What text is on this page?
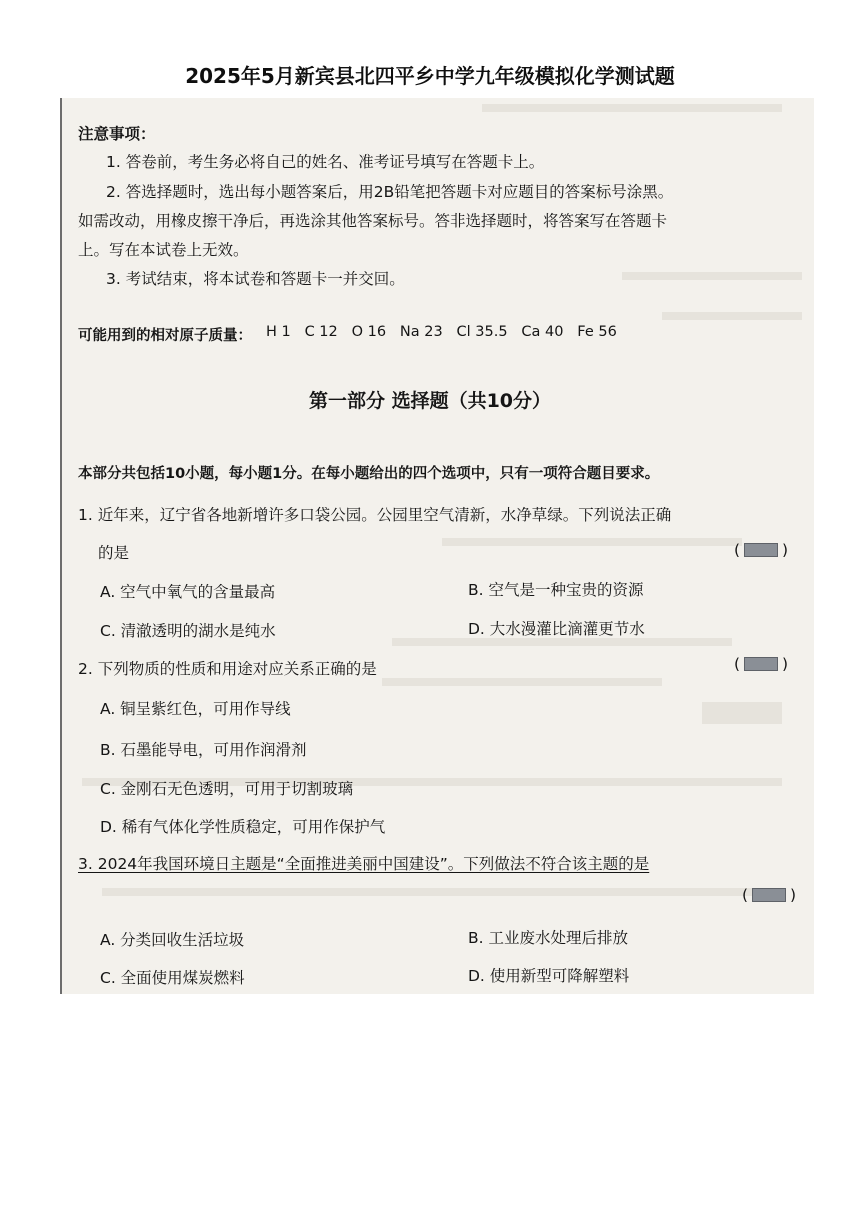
2025年5月新宾县北四平乡中学九年级模拟化学测试题
注意事项：
1. 答卷前，考生务必将自己的姓名、准考证号填写在答题卡上。
2. 答选择题时，选出每小题答案后，用2B铅笔把答题卡对应题目的答案标号涂黑。
如需改动，用橡皮擦干净后，再选涂其他答案标号。答非选择题时，将答案写在答题卡
上。写在本试卷上无效。
3. 考试结束，将本试卷和答题卡一并交回。
可能用到的相对原子质量： H 1   C 12   O 16   Na 23   Cl 35.5   Ca 40   Fe 56
第一部分 选择题（共10分）
本部分共包括10小题，每小题1分。在每小题给出的四个选项中，只有一项符合题目要求。
1. 近年来，辽宁省各地新增许多口袋公园。公园里空气清新，水净草绿。下列说法正确
的是	(	)
A. 空气中氧气的含量最高	B. 空气是一种宝贵的资源
C. 清澈透明的湖水是纯水	D. 大水漫灌比滴灌更节水
2. 下列物质的性质和用途对应关系正确的是	(	)
A. 铜呈紫红色，可用作导线
B. 石墨能导电，可用作润滑剂
C. 金刚石无色透明，可用于切割玻璃
D. 稀有气体化学性质稳定，可用作保护气
3. 2024年我国环境日主题是“全面推进美丽中国建设”。下列做法不符合该主题的是
(	)
A. 分类回收生活垃圾	B. 工业废水处理后排放
C. 全面使用煤炭燃料	D. 使用新型可降解塑料
